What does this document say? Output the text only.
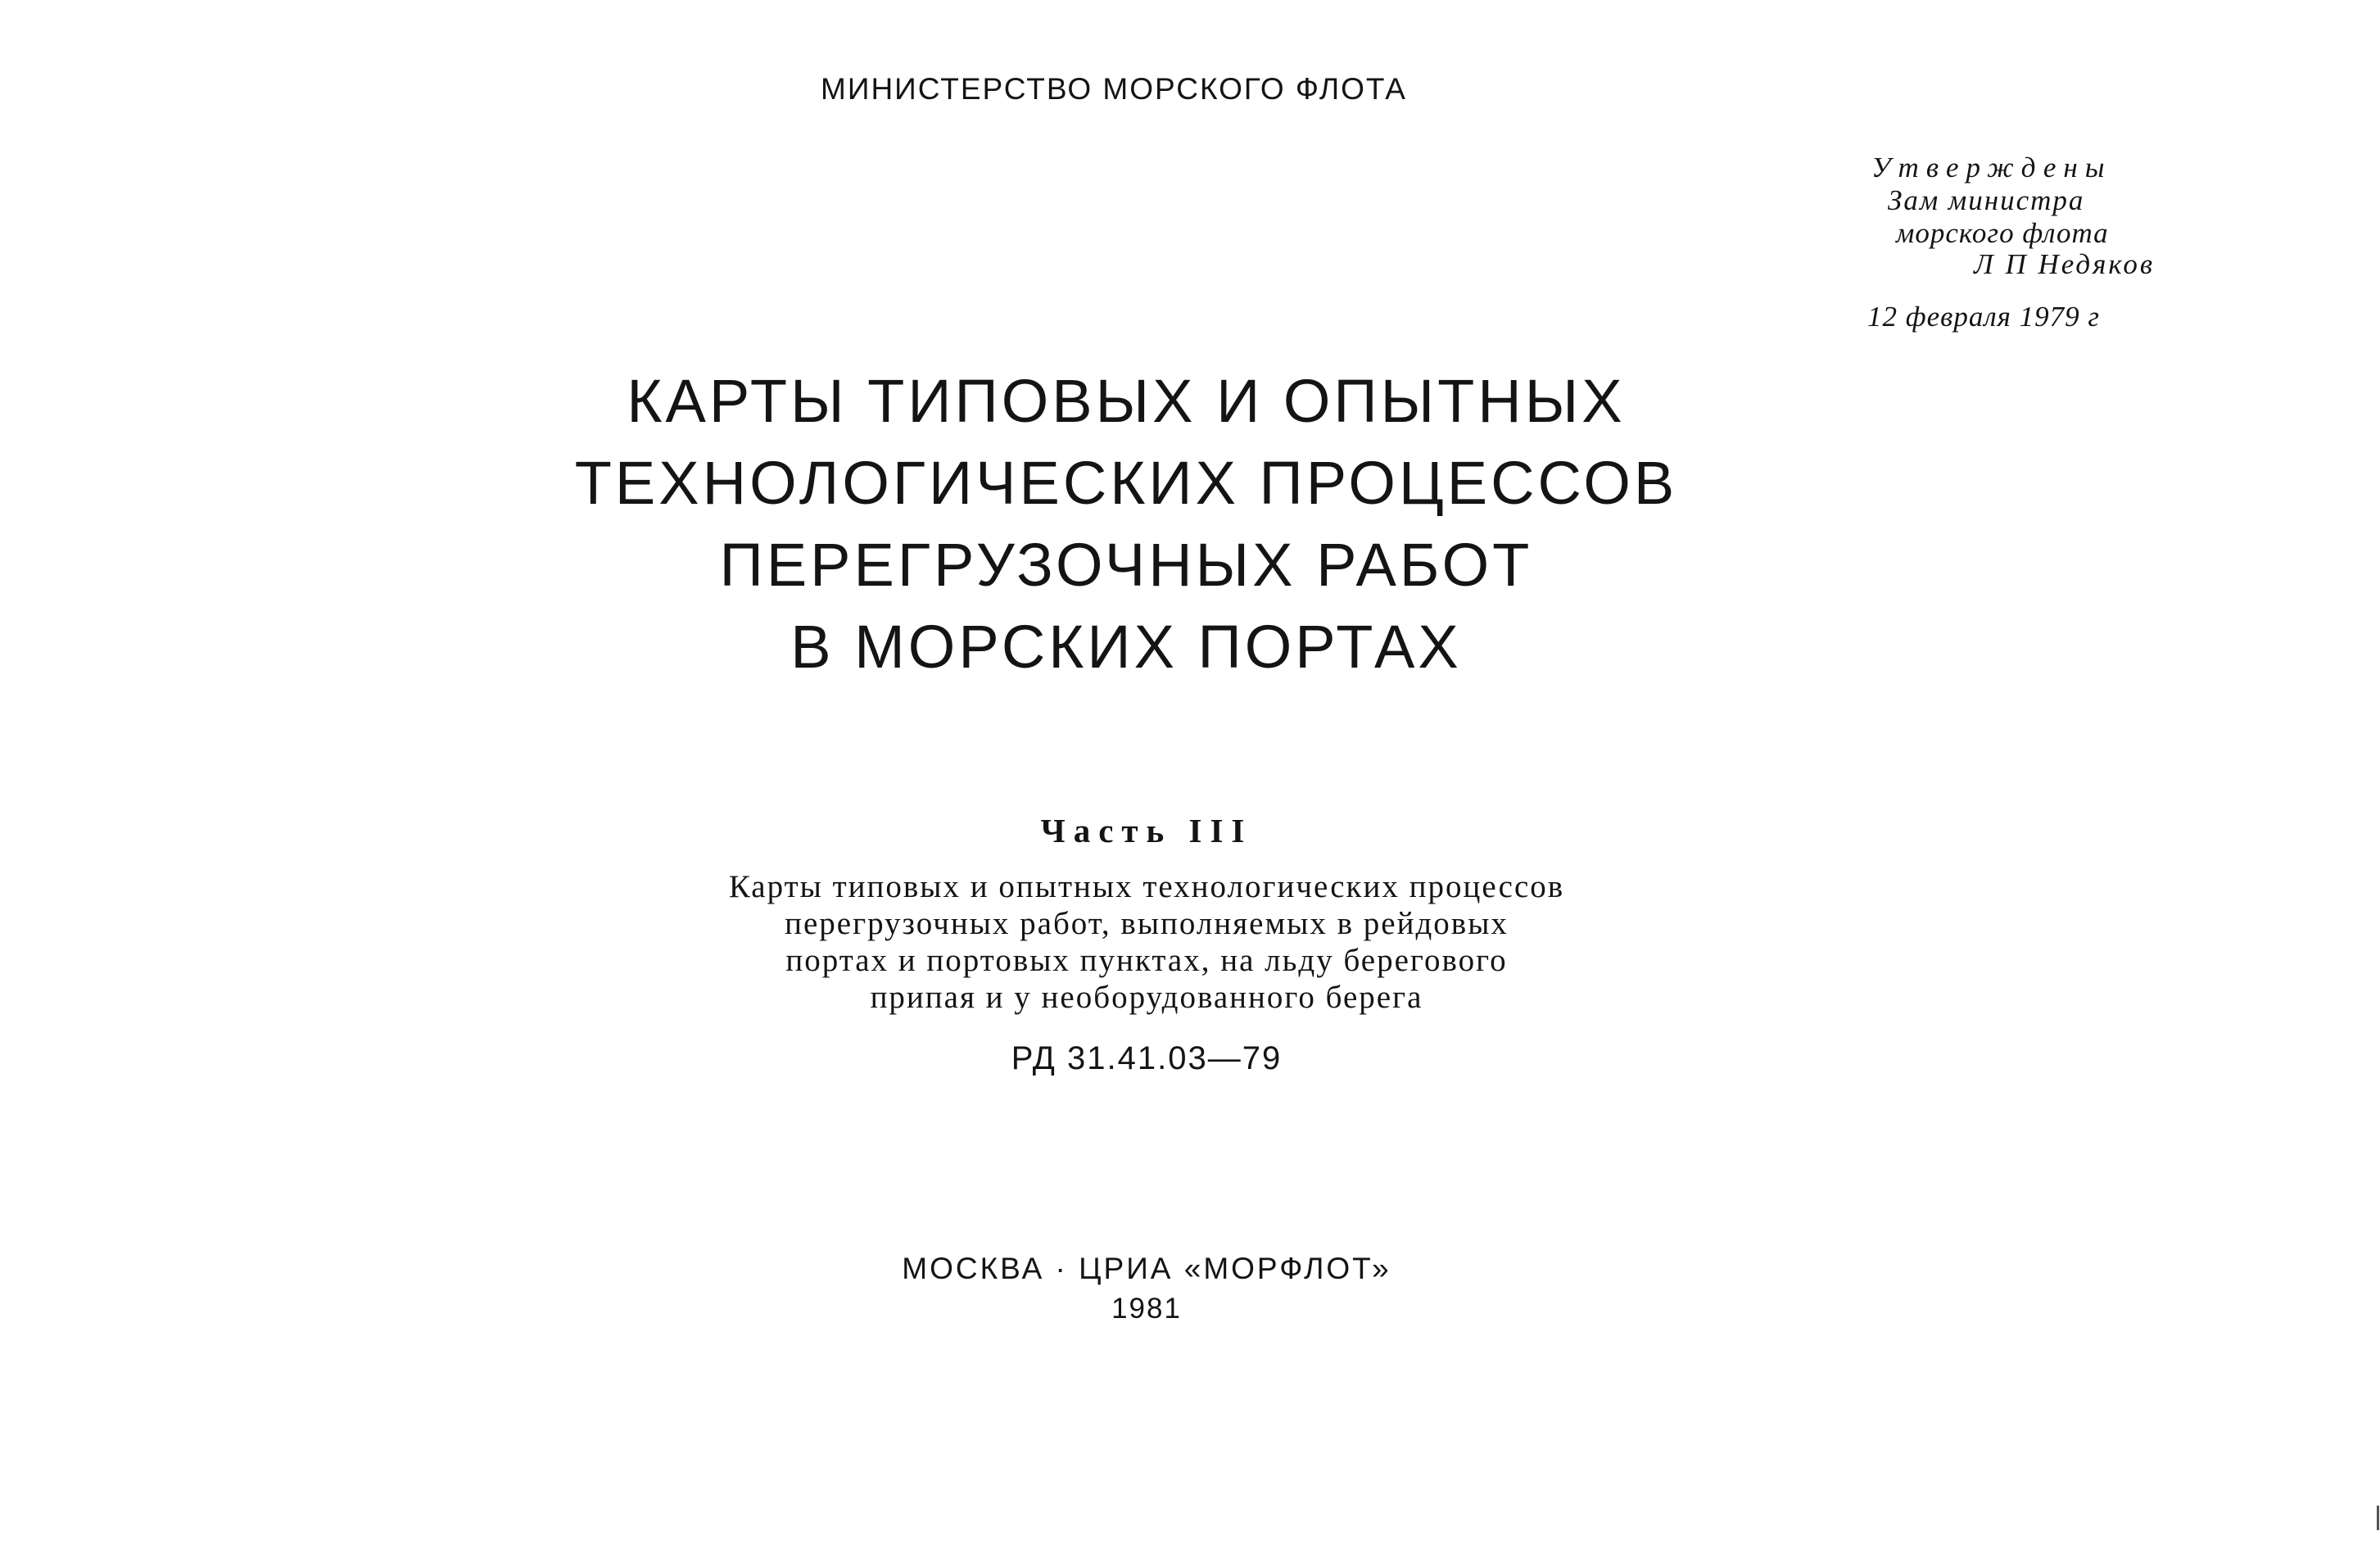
МИНИСТЕРСТВО МОРСКОГО ФЛОТА

Утверждены

Зам министра

морского флота

Л П Недяков

12 февраля 1979 г

КАРТЫ ТИПОВЫХ И ОПЫТНЫХ
ТЕХНОЛОГИЧЕСКИХ ПРОЦЕССОВ
ПЕРЕГРУЗОЧНЫХ РАБОТ
В МОРСКИХ ПОРТАХ
Часть III
Карты типовых и опытных технологических процессов
перегрузочных работ, выполняемых в рейдовых
портах и портовых пунктах, на льду берегового
припая и у необорудованного берега

РД 31.41.03—79

МОСКВА · ЦРИА «МОРФЛОТ»

1981
